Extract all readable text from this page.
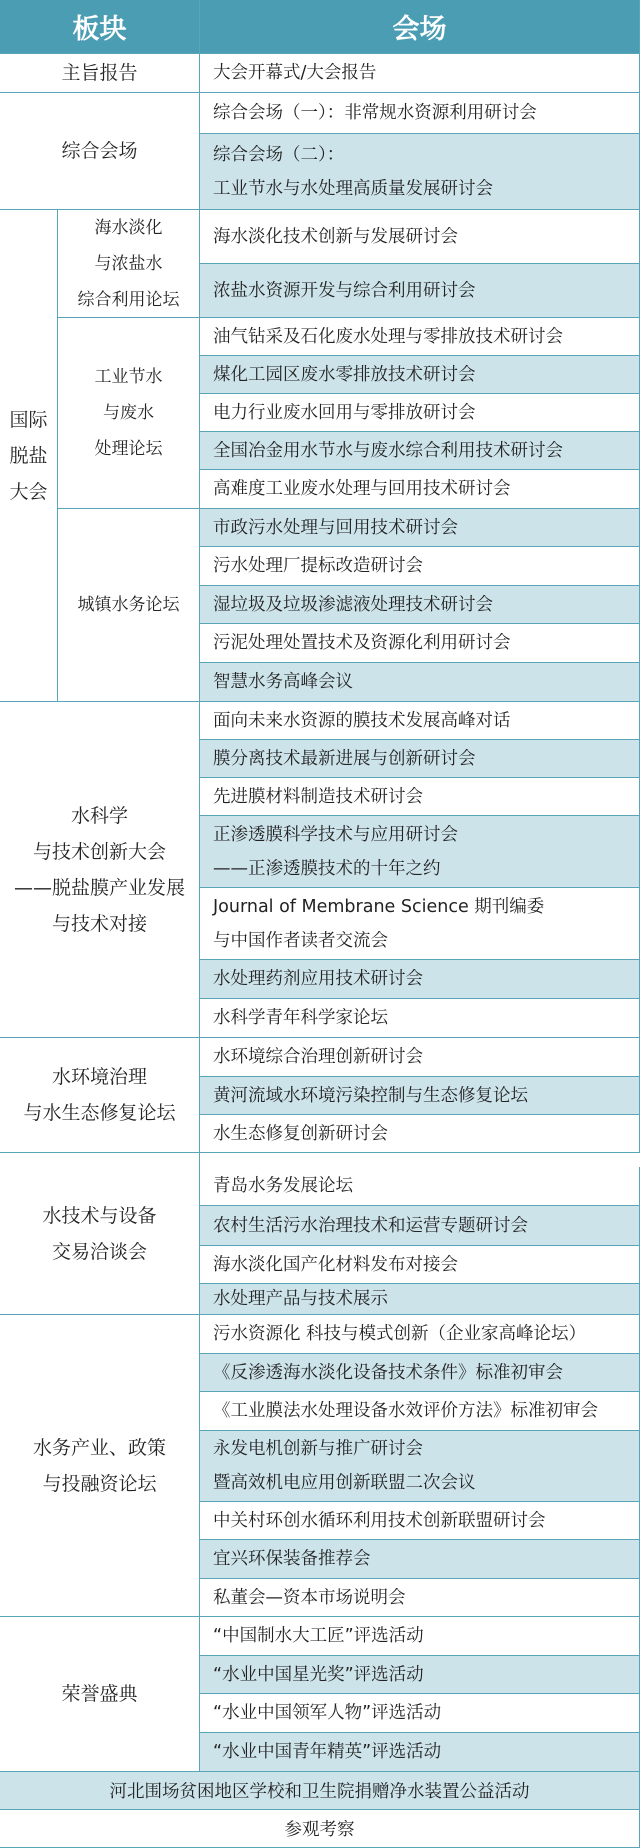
板块	会场
主旨报告	大会开幕式/大会报告
综合会场
综合会场（一）：非常规水资源利用研讨会
综合会场（二）：
工业节水与水处理高质量发展研讨会
国际
脱盐
大会
海水淡化
与浓盐水
综合利用论坛
海水淡化技术创新与发展研讨会
浓盐水资源开发与综合利用研讨会
工业节水
与废水
处理论坛
油气钻采及石化废水处理与零排放技术研讨会
煤化工园区废水零排放技术研讨会
电力行业废水回用与零排放研讨会
全国冶金用水节水与废水综合利用技术研讨会
高难度工业废水处理与回用技术研讨会
城镇水务论坛
市政污水处理与回用技术研讨会
污水处理厂提标改造研讨会
湿垃圾及垃圾渗滤液处理技术研讨会
污泥处理处置技术及资源化利用研讨会
智慧水务高峰会议
水科学
与技术创新大会
——脱盐膜产业发展
与技术对接
面向未来水资源的膜技术发展高峰对话
膜分离技术最新进展与创新研讨会
先进膜材料制造技术研讨会
正渗透膜科学技术与应用研讨会
——正渗透膜技术的十年之约
Journal of Membrane Science 期刊编委
与中国作者读者交流会
水处理药剂应用技术研讨会
水科学青年科学家论坛
水环境治理
与水生态修复论坛
水环境综合治理创新研讨会
黄河流域水环境污染控制与生态修复论坛
水生态修复创新研讨会
水技术与设备
交易洽谈会
青岛水务发展论坛
农村生活污水治理技术和运营专题研讨会
海水淡化国产化材料发布对接会
水处理产品与技术展示
水务产业、政策
与投融资论坛
污水资源化 科技与模式创新（企业家高峰论坛）
《反渗透海水淡化设备技术条件》标准初审会
《工业膜法水处理设备水效评价方法》标准初审会
永发电机创新与推广研讨会
暨高效机电应用创新联盟二次会议
中关村环创水循环利用技术创新联盟研讨会
宜兴环保装备推荐会
私董会—资本市场说明会
荣誉盛典
“中国制水大工匠”评选活动
“水业中国星光奖”评选活动
“水业中国领军人物”评选活动
“水业中国青年精英”评选活动
河北围场贫困地区学校和卫生院捐赠净水装置公益活动
参观考察
